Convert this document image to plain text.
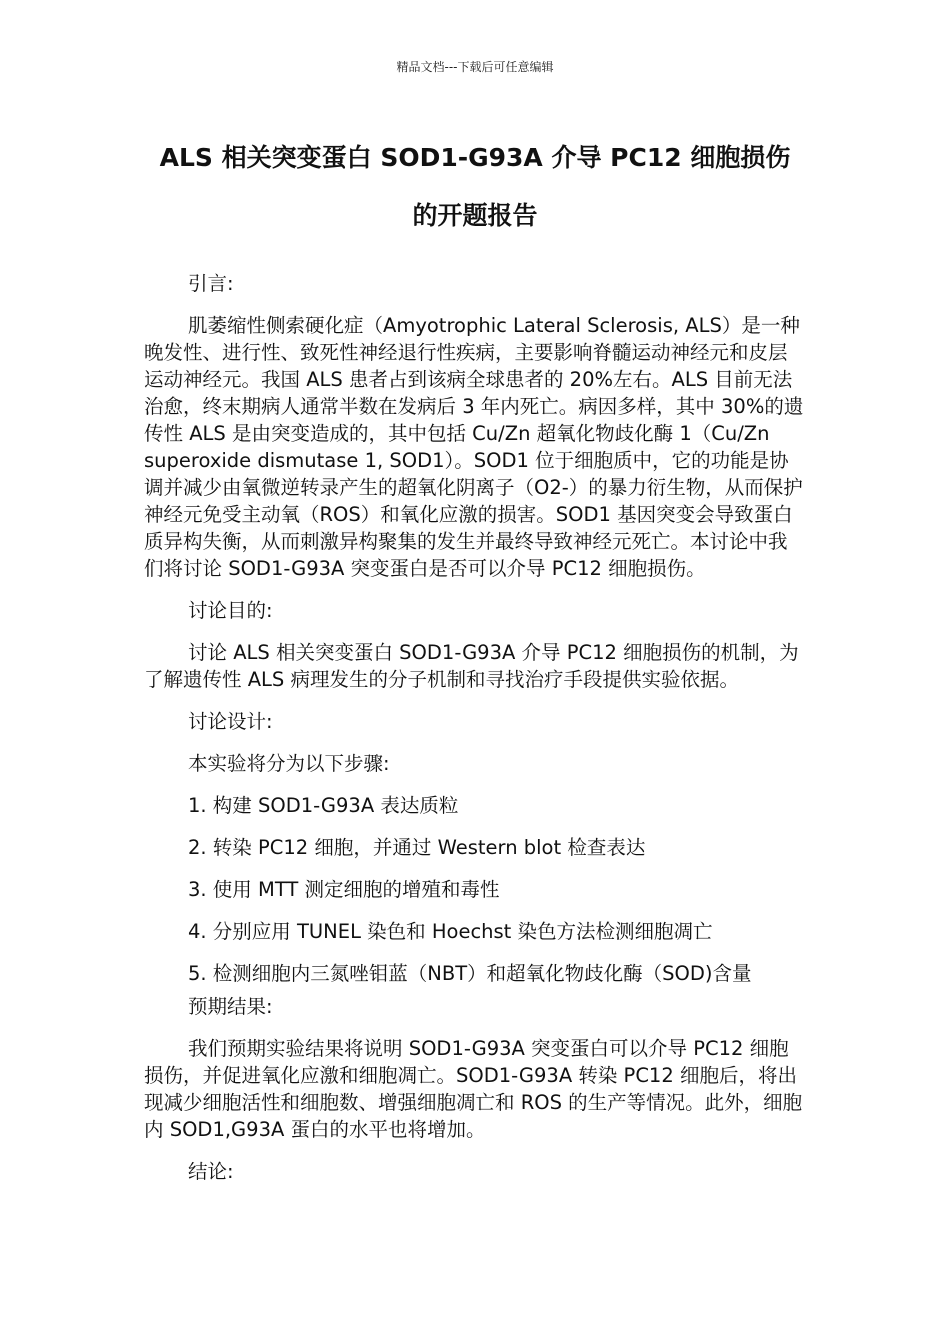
精品文档---下载后可任意编辑
ALS 相关突变蛋白 SOD1-G93A 介导 PC12 细胞损伤
的开题报告

引言:

肌萎缩性侧索硬化症（Amyotrophic Lateral Sclerosis, ALS）是一种晚发性、进行性、致死性神经退行性疾病，主要影响脊髓运动神经元和皮层运动神经元。我国 ALS 患者占到该病全球患者的 20%左右。ALS 目前无法治愈，终末期病人通常半数在发病后 3 年内死亡。病因多样，其中 30%的遗传性 ALS 是由突变造成的，其中包括 Cu/Zn 超氧化物歧化酶 1（Cu/Zn superoxide dismutase 1, SOD1）。SOD1 位于细胞质中，它的功能是协调并减少由氧微逆转录产生的超氧化阴离子（O2-）的暴力衍生物，从而保护神经元免受主动氧（ROS）和氧化应激的损害。SOD1 基因突变会导致蛋白质异构失衡，从而刺激异构聚集的发生并最终导致神经元死亡。本讨论中我们将讨论 SOD1-G93A 突变蛋白是否可以介导 PC12 细胞损伤。

讨论目的:

讨论 ALS 相关突变蛋白 SOD1-G93A 介导 PC12 细胞损伤的机制，为了解遗传性 ALS 病理发生的分子机制和寻找治疗手段提供实验依据。

讨论设计:

本实验将分为以下步骤:

1. 构建 SOD1-G93A 表达质粒

2. 转染 PC12 细胞，并通过 Western blot 检查表达

3. 使用 MTT 测定细胞的增殖和毒性

4. 分别应用 TUNEL 染色和 Hoechst 染色方法检测细胞凋亡

5. 检测细胞内三氮唑钼蓝（NBT）和超氧化物歧化酶（SOD)含量

预期结果:

我们预期实验结果将说明 SOD1-G93A 突变蛋白可以介导 PC12 细胞损伤，并促进氧化应激和细胞凋亡。SOD1-G93A 转染 PC12 细胞后，将出现减少细胞活性和细胞数、增强细胞凋亡和 ROS 的生产等情况。此外，细胞内 SOD1,G93A 蛋白的水平也将增加。

结论:
